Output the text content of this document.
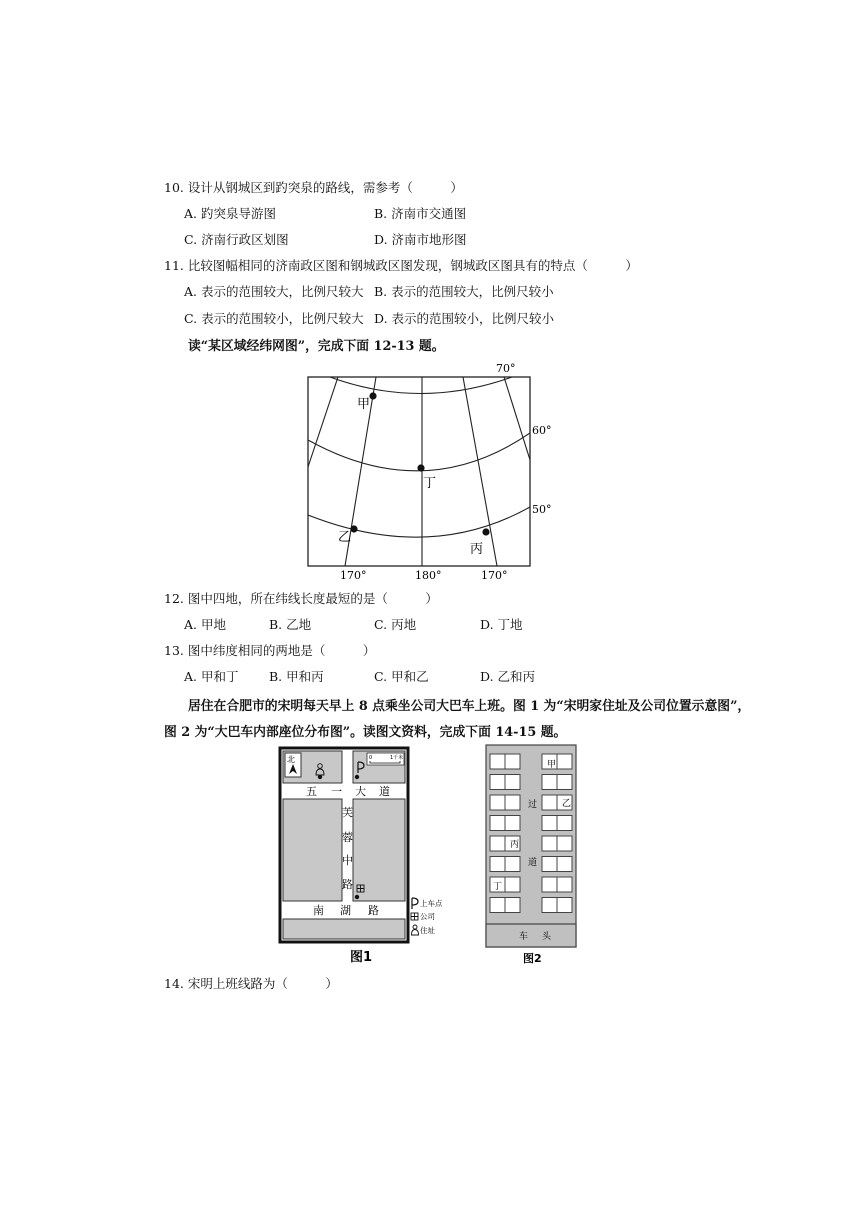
10. 设计从钢城区到趵突泉的路线，需参考（　　　）
A. 趵突泉导游图	B. 济南市交通图
C. 济南行政区划图	D. 济南市地形图
11. 比较图幅相同的济南政区图和钢城政区图发现，钢城政区图具有的特点（　　　）
A. 表示的范围较大，比例尺较大 B. 表示的范围较大，比例尺较小
C. 表示的范围较小，比例尺较大 D. 表示的范围较小，比例尺较小
读“某区域经纬网图”，完成下面 12-13 题。
甲
丁
乙
丙
70°
60°
50°
170°	180°	170°
12. 图中四地，所在纬线长度最短的是（　　　）
A. 甲地	B. 乙地	C. 丙地	D. 丁地
13. 图中纬度相同的两地是（　　　）
A. 甲和丁 B. 甲和丙	C. 甲和乙	D. 乙和丙
居住在合肥市的宋明每天早上 8 点乘坐公司大巴车上班。图 1 为“宋明家住址及公司位置示意图”，
图 2 为“大巴车内部座位分布图”。读图文资料，完成下面 14-15 题。
北	0	1千米
五 一 大 道
芙
蓉
中
路
南 湖 路
上车点
公司
住址
图1
甲
乙
丙
丁
过
道
车 头
图2
14. 宋明上班线路为（　　　）
